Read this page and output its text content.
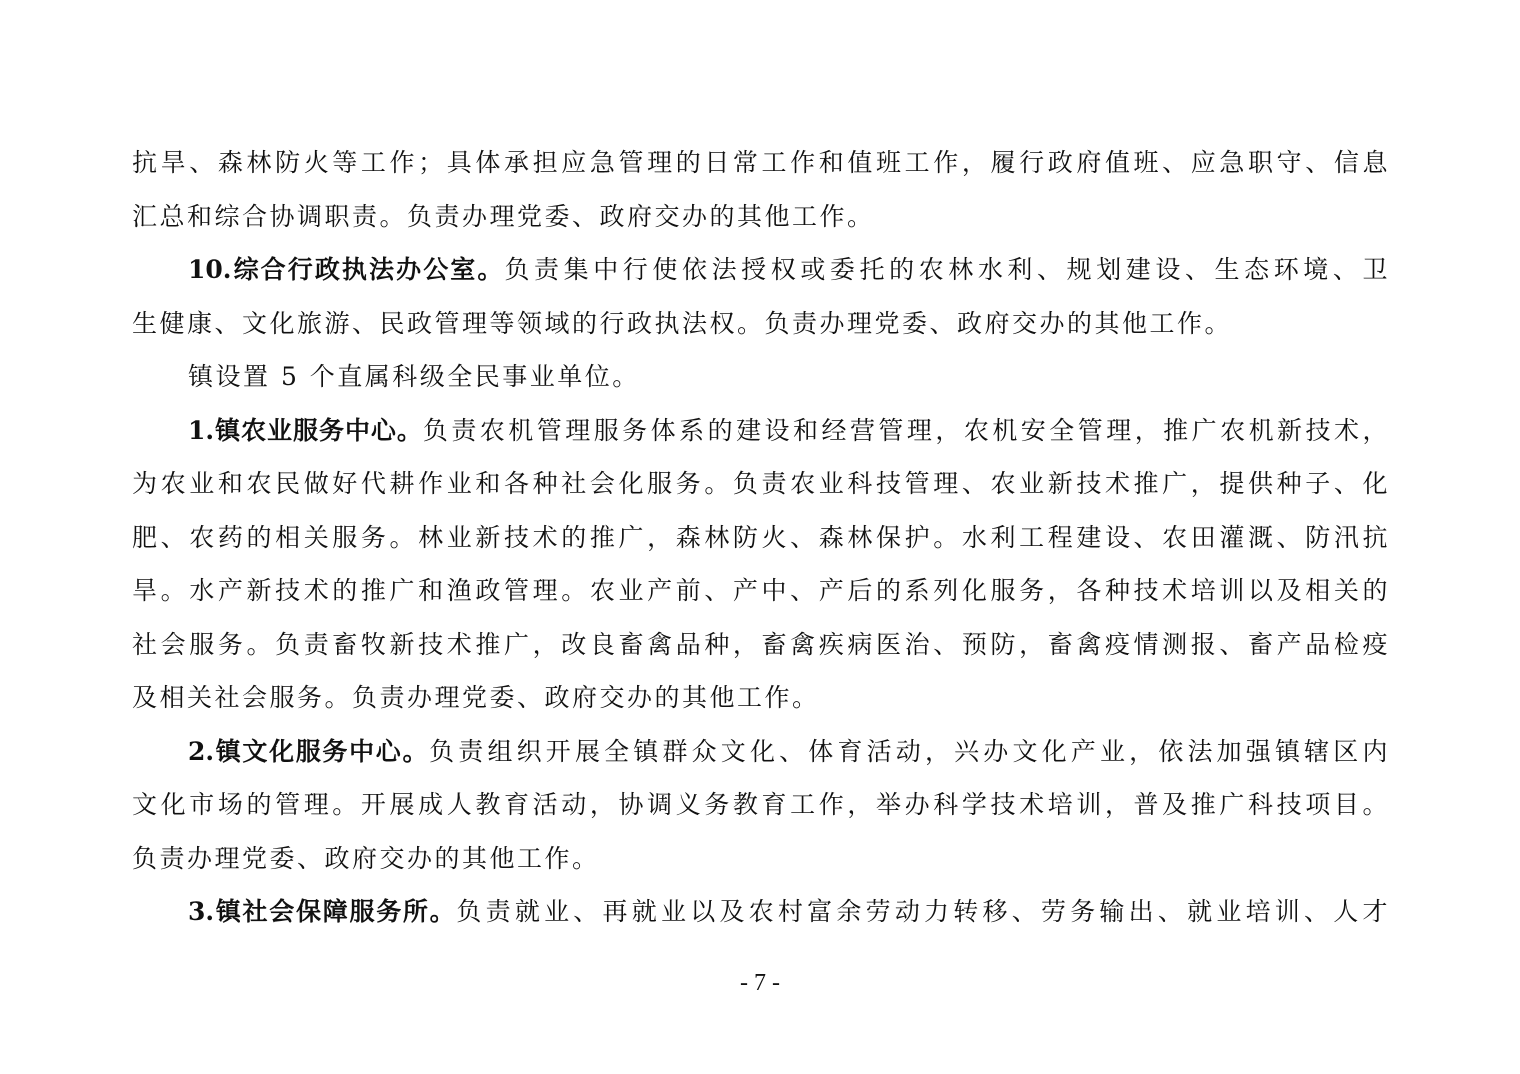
抗旱、森林防火等工作；具体承担应急管理的日常工作和值班工作，履行政府值班、应急职守、信息
汇总和综合协调职责。负责办理党委、政府交办的其他工作。
10.综合行政执法办公室。负责集中行使依法授权或委托的农林水利、规划建设、生态环境、卫
生健康、文化旅游、民政管理等领域的行政执法权。负责办理党委、政府交办的其他工作。
镇设置 5 个直属科级全民事业单位。
1.镇农业服务中心。负责农机管理服务体系的建设和经营管理，农机安全管理，推广农机新技术，
为农业和农民做好代耕作业和各种社会化服务。负责农业科技管理、农业新技术推广，提供种子、化
肥、农药的相关服务。林业新技术的推广，森林防火、森林保护。水利工程建设、农田灌溉、防汛抗
旱。水产新技术的推广和渔政管理。农业产前、产中、产后的系列化服务，各种技术培训以及相关的
社会服务。负责畜牧新技术推广，改良畜禽品种，畜禽疾病医治、预防，畜禽疫情测报、畜产品检疫
及相关社会服务。负责办理党委、政府交办的其他工作。
2.镇文化服务中心。负责组织开展全镇群众文化、体育活动，兴办文化产业，依法加强镇辖区内
文化市场的管理。开展成人教育活动，协调义务教育工作，举办科学技术培训，普及推广科技项目。
负责办理党委、政府交办的其他工作。
3.镇社会保障服务所。负责就业、再就业以及农村富余劳动力转移、劳务输出、就业培训、人才
- 7 -
